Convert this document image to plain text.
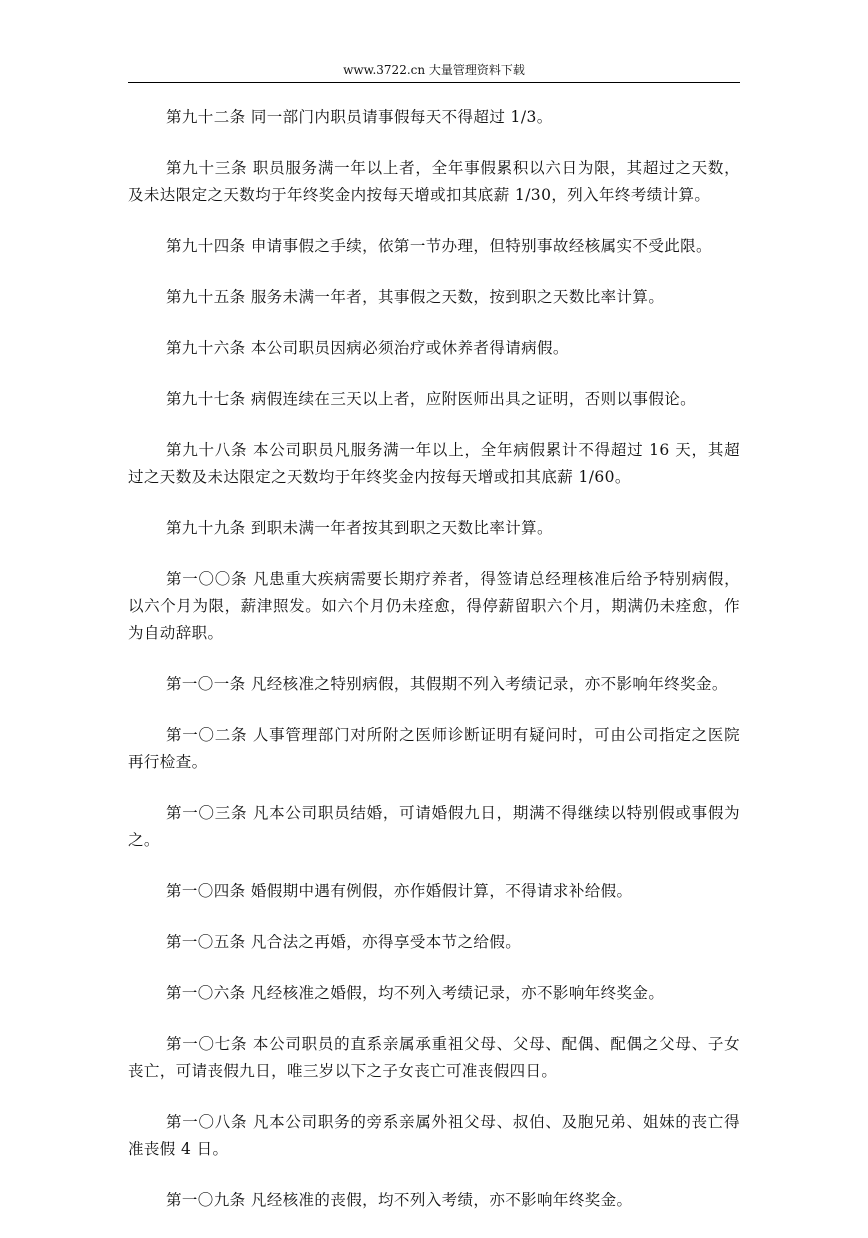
www.3722.cn 大量管理资料下载

第九十二条 同一部门内职员请事假每天不得超过 1/3。

第九十三条 职员服务满一年以上者，全年事假累积以六日为限，其超过之天数，及未达限定之天数均于年终奖金内按每天增或扣其底薪 1/30，列入年终考绩计算。

第九十四条 申请事假之手续，依第一节办理，但特别事故经核属实不受此限。

第九十五条 服务未满一年者，其事假之天数，按到职之天数比率计算。

第九十六条 本公司职员因病必须治疗或休养者得请病假。

第九十七条 病假连续在三天以上者，应附医师出具之证明，否则以事假论。

第九十八条 本公司职员凡服务满一年以上，全年病假累计不得超过 16 天，其超过之天数及未达限定之天数均于年终奖金内按每天增或扣其底薪 1/60。

第九十九条 到职未满一年者按其到职之天数比率计算。

第一〇〇条 凡患重大疾病需要长期疗养者，得签请总经理核准后给予特别病假，以六个月为限，薪津照发。如六个月仍未痊愈，得停薪留职六个月，期满仍未痊愈，作为自动辞职。

第一〇一条 凡经核准之特别病假，其假期不列入考绩记录，亦不影响年终奖金。

第一〇二条 人事管理部门对所附之医师诊断证明有疑问时，可由公司指定之医院再行检查。

第一〇三条 凡本公司职员结婚，可请婚假九日，期满不得继续以特别假或事假为之。

第一〇四条 婚假期中遇有例假，亦作婚假计算，不得请求补给假。

第一〇五条 凡合法之再婚，亦得享受本节之给假。

第一〇六条 凡经核准之婚假，均不列入考绩记录，亦不影响年终奖金。

第一〇七条 本公司职员的直系亲属承重祖父母、父母、配偶、配偶之父母、子女丧亡，可请丧假九日，唯三岁以下之子女丧亡可准丧假四日。

第一〇八条 凡本公司职务的旁系亲属外祖父母、叔伯、及胞兄弟、姐妹的丧亡得准丧假 4 日。

第一〇九条 凡经核准的丧假，均不列入考绩，亦不影响年终奖金。
